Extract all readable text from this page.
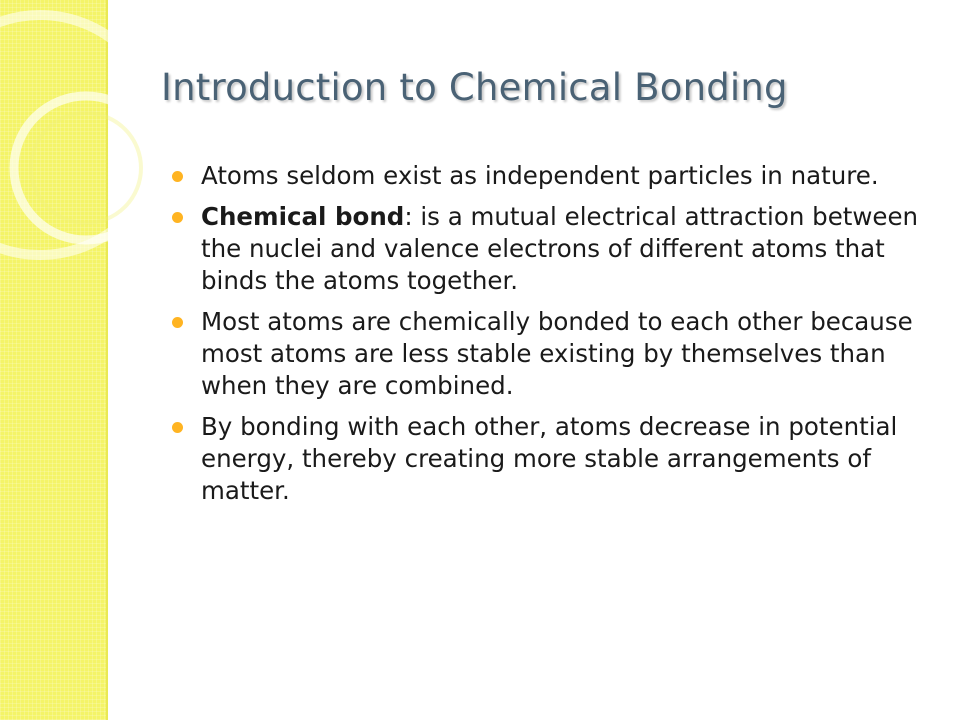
Introduction to Chemical Bonding
Atoms seldom exist as independent particles in nature.
Chemical bond: is a mutual electrical attraction between the nuclei and valence electrons of different atoms that binds the atoms together.
Most atoms are chemically bonded to each other because most atoms are less stable existing by themselves than when they are combined.
By bonding with each other, atoms decrease in potential energy, thereby creating more stable arrangements of matter.
